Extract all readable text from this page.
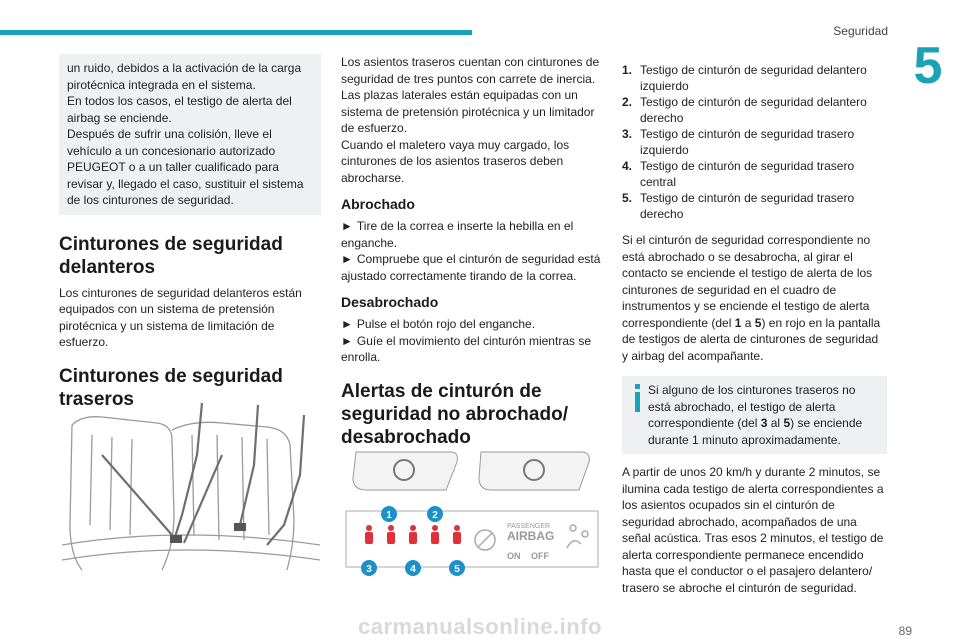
Seguridad
5
un ruido, debidos a la activación de la carga pirotécnica integrada en el sistema.
En todos los casos, el testigo de alerta del airbag se enciende.
Después de sufrir una colisión, lleve el vehículo a un concesionario autorizado PEUGEOT o a un taller cualificado para revisar y, llegado el caso, sustituir el sistema de los cinturones de seguridad.
Cinturones de seguridad delanteros

Los cinturones de seguridad delanteros están equipados con un sistema de pretensión pirotécnica y un sistema de limitación de esfuerzo.

Cinturones de seguridad traseros

Los asientos traseros cuentan con cinturones de seguridad de tres puntos con carrete de inercia.
Las plazas laterales están equipadas con un sistema de pretensión pirotécnica y un limitador de esfuerzo.
Cuando el maletero vaya muy cargado, los cinturones de los asientos traseros deben abrocharse.

Abrochado
► Tire de la correa e inserte la hebilla en el enganche.
► Compruebe que el cinturón de seguridad está ajustado correctamente tirando de la correa.
Desabrochado
► Pulse el botón rojo del enganche.
► Guíe el movimiento del cinturón mientras se enrolla.
Alertas de cinturón de seguridad no abrochado/ desabrochado
PASSENGER
AIRBAG
ON OFF
1	2
3	4	5
1. Testigo de cinturón de seguridad delantero izquierdo
2. Testigo de cinturón de seguridad delantero derecho
3. Testigo de cinturón de seguridad trasero izquierdo
4. Testigo de cinturón de seguridad trasero central
5. Testigo de cinturón de seguridad trasero derecho

Si el cinturón de seguridad correspondiente no está abrochado o se desabrocha, al girar el contacto se enciende el testigo de alerta de los cinturones de seguridad en el cuadro de instrumentos y se enciende el testigo de alerta correspondiente (del 1 a 5) en rojo en la pantalla de testigos de alerta de cinturones de seguridad y airbag del acompañante.

Si alguno de los cinturones traseros no está abrochado, el testigo de alerta correspondiente (del 3 al 5) se enciende durante 1 minuto aproximadamente.

A partir de unos 20 km/h y durante 2 minutos, se ilumina cada testigo de alerta correspondientes a los asientos ocupados sin el cinturón de seguridad abrochado, acompañados de una señal acústica. Tras esos 2 minutos, el testigo de alerta correspondiente permanece encendido hasta que el conductor o el pasajero delantero/ trasero se abroche el cinturón de seguridad.

89
carmanualsonline.info
